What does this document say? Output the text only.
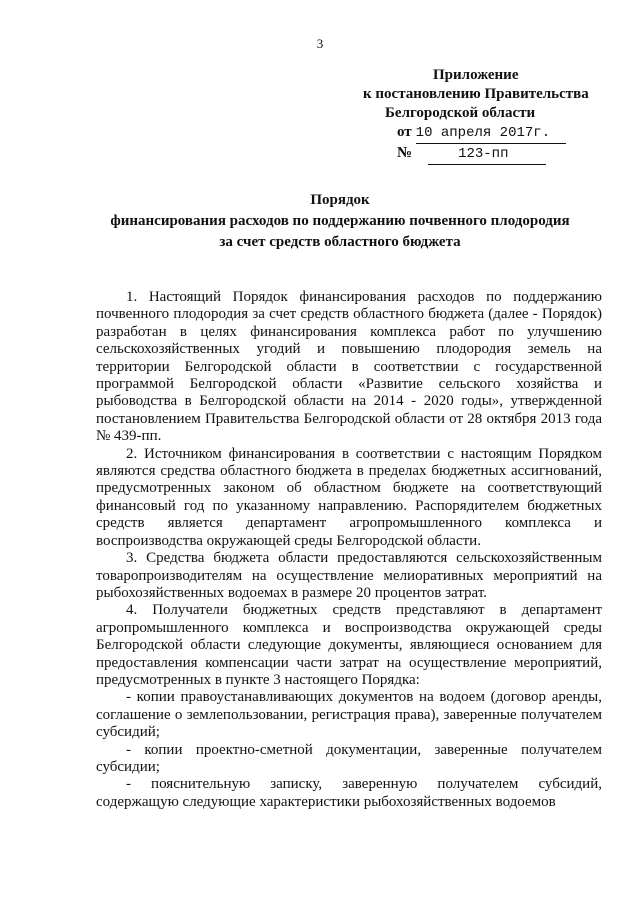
3
Приложение
к постановлению Правительства
Белгородской области
от 10 апреля 2017г.
№	123-пп
Порядок
финансирования расходов по поддержанию почвенного плодородия
за счет средств областного бюджета

1. Настоящий Порядок финансирования расходов по поддержанию почвенного плодородия за счет средств областного бюджета (далее - Порядок) разработан в целях финансирования комплекса работ по улучшению сельскохозяйственных угодий и повышению плодородия земель на территории Белгородской области в соответствии с государственной программой Белгородской области «Развитие сельского хозяйства и рыбоводства в Белгородской области на 2014 - 2020 годы», утвержденной постановлением Правительства Белгородской области от 28 октября 2013 года № 439-пп.

2. Источником финансирования в соответствии с настоящим Порядком являются средства областного бюджета в пределах бюджетных ассигнований, предусмотренных законом об областном бюджете на соответствующий финансовый год по указанному направлению. Распорядителем бюджетных средств является департамент агропромышленного комплекса и воспроизводства окружающей среды Белгородской области.

3. Средства бюджета области предоставляются сельскохозяйственным товаропроизводителям на осуществление мелиоративных мероприятий на рыбохозяйственных водоемах в размере 20 процентов затрат.

4. Получатели бюджетных средств представляют в департамент агропромышленного комплекса и воспроизводства окружающей среды Белгородской области следующие документы, являющиеся основанием для предоставления компенсации части затрат на осуществление мероприятий, предусмотренных в пункте 3 настоящего Порядка:

- копии правоустанавливающих документов на водоем (договор аренды, соглашение о землепользовании, регистрация права), заверенные получателем субсидий;

- копии проектно-сметной документации, заверенные получателем субсидии;

- пояснительную записку, заверенную получателем субсидий, содержащую следующие характеристики рыбохозяйственных водоемов
